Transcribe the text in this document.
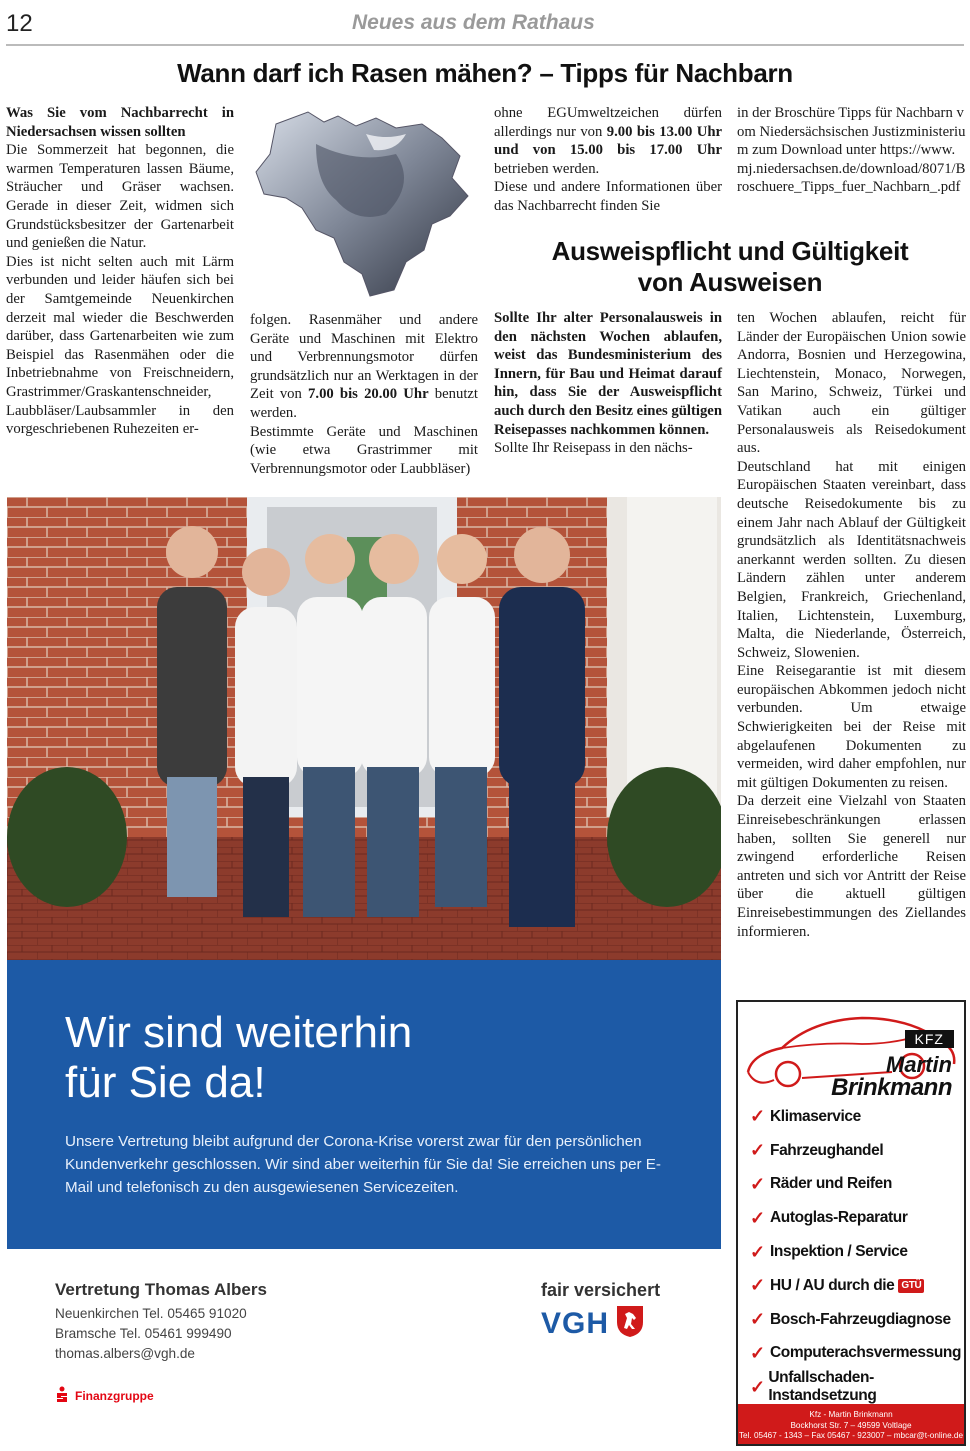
12	Neues aus dem Rathaus
Wann darf ich Rasen mähen? – Tipps für Nachbarn

Was Sie vom Nachbarrecht in Niedersachsen wissen sollten

Die Sommerzeit hat begonnen, die warmen Temperaturen lassen Bäume, Sträucher und Gräser wachsen. Gerade in dieser Zeit, widmen sich Grundstücksbesitzer der Gartenarbeit und genießen die Natur.

Dies ist nicht selten auch mit Lärm verbunden und leider häufen sich bei der Samtgemeinde Neuenkirchen derzeit mal wieder die Beschwerden darüber, dass Gartenarbeiten wie zum Beispiel das Rasenmähen oder die Inbetriebnahme von Freischneidern, Grastrimmer/Graskantenschneider, Laubbläser/Laubsammler in den vorgeschriebenen Ruhezeiten er-

folgen. Rasenmäher und andere Geräte und Maschinen mit Elektro und Verbrennungsmotor dürfen grundsätzlich nur an Werktagen in der Zeit von 7.00 bis 20.00 Uhr benutzt werden.

Bestimmte Geräte und Maschinen (wie etwa Grastrimmer mit Verbrennungsmotor oder Laubbläser)

ohne EGUmweltzeichen dürfen allerdings nur von 9.00 bis 13.00 Uhr und von 15.00 bis 17.00 Uhr betrieben werden.

Diese und andere Informationen über das Nachbarrecht finden Sie

in der Broschüre Tipps für Nachbarn vom Niedersächsischen Justizministerium zum Download unter https://www.mj.niedersachsen.de/download/8071/Broschuere_Tipps_fuer_Nachbarn_.pdf

Ausweispflicht und Gültigkeit
von Ausweisen

Sollte Ihr alter Personalausweis in den nächsten Wochen ablaufen, weist das Bundesministerium des Innern, für Bau und Heimat darauf hin, dass Sie der Ausweispflicht auch durch den Besitz eines gültigen Reisepasses nachkommen können.

Sollte Ihr Reisepass in den nächs-

ten Wochen ablaufen, reicht für Länder der Europäischen Union sowie Andorra, Bosnien und Herzegowina, Liechtenstein, Monaco, Norwegen, San Marino, Schweiz, Türkei und Vatikan auch ein gültiger Personalausweis als Reisedokument aus.

Deutschland hat mit einigen Europäischen Staaten vereinbart, dass deutsche Reisedokumente bis zu einem Jahr nach Ablauf der Gültigkeit grundsätzlich als Identitätsnachweis anerkannt werden sollten. Zu diesen Ländern zählen unter anderem Belgien, Frankreich, Griechenland, Italien, Lichtenstein, Luxemburg, Malta, die Niederlande, Österreich, Schweiz, Slowenien.

Eine Reisegarantie ist mit diesem europäischen Abkommen jedoch nicht verbunden. Um etwaige Schwierigkeiten bei der Reise mit abgelaufenen Dokumenten zu vermeiden, wird daher empfohlen, nur mit gültigen Dokumenten zu reisen.

Da derzeit eine Vielzahl von Staaten Einreisebeschränkungen erlassen haben, sollten Sie generell nur zwingend erforderliche Reisen antreten und sich vor Antritt der Reise über die aktuell gültigen Einreisebestimmungen des Ziellandes informieren.

Wir sind weiterhin
für Sie da!
Unsere Vertretung bleibt aufgrund der Corona-Krise vorerst zwar für den persönlichen Kundenverkehr geschlossen. Wir sind aber weiterhin für Sie da! Sie erreichen uns per E-Mail und telefonisch zu den ausgewiesenen Servicezeiten.
Vertretung Thomas Albers
Neuenkirchen Tel. 05465 91020
Bramsche Tel. 05461 999490
thomas.albers@vgh.de
fair versichert
VGH
Finanzgruppe
KFZ
Martin
Brinkmann
✓ Klimaservice
✓ Fahrzeughandel
✓ Räder und Reifen
✓ Autoglas-Reparatur
✓ Inspektion / Service
✓ HU / AU durch die GTÜ
✓ Bosch-Fahrzeugdiagnose
✓ Computerachsvermessung
✓ Unfallschaden-Instandsetzung
Kfz - Martin Brinkmann
Bockhorst Str. 7 – 49599 Voltlage
Tel. 05467 - 1343 – Fax 05467 - 923007 – mbcar@t-online.de
